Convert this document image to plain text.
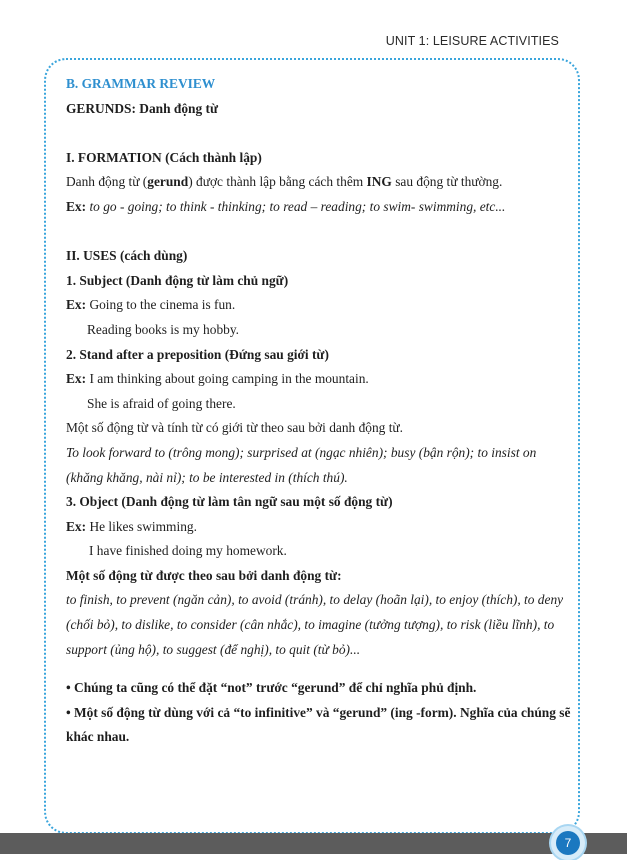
UNIT 1: LEISURE ACTIVITIES

B. GRAMMAR REVIEW

GERUNDS: Danh động từ

I. FORMATION (Cách thành lập)

Danh động từ (gerund) được thành lập bằng cách thêm ING sau động từ thường.

Ex: to go - going; to think - thinking; to read – reading; to swim- swimming, etc...

II. USES (cách dùng)

1. Subject (Danh động từ làm chủ ngữ)

Ex: Going to the cinema is fun.

Reading books is my hobby.

2. Stand after a preposition (Đứng sau giới từ)

Ex: I am thinking about going camping in the mountain.

She is afraid of going there.

Một số động từ và tính từ có giới từ theo sau bởi danh động từ.

To look forward to (trông mong); surprised at (ngạc nhiên); busy (bận rộn); to insist on (khăng khăng, nài nỉ); to be interested in (thích thú).

3. Object (Danh động từ làm tân ngữ sau một số động từ)

Ex: He likes swimming.

I have finished doing my homework.

Một số động từ được theo sau bởi danh động từ:

to finish, to prevent (ngăn cản), to avoid (tránh), to delay (hoãn lại), to enjoy (thích), to deny (chối bỏ), to dislike, to consider (cân nhắc), to imagine (tưởng tượng), to risk (liều lĩnh), to support (ủng hộ), to suggest (để nghị), to quit (từ bỏ)...

• Chúng ta cũng có thể đặt “not” trước “gerund” để chỉ nghĩa phủ định.

• Một số động từ dùng với cả “to infinitive” và “gerund” (ing -form). Nghĩa của chúng sẽ khác nhau.

7
